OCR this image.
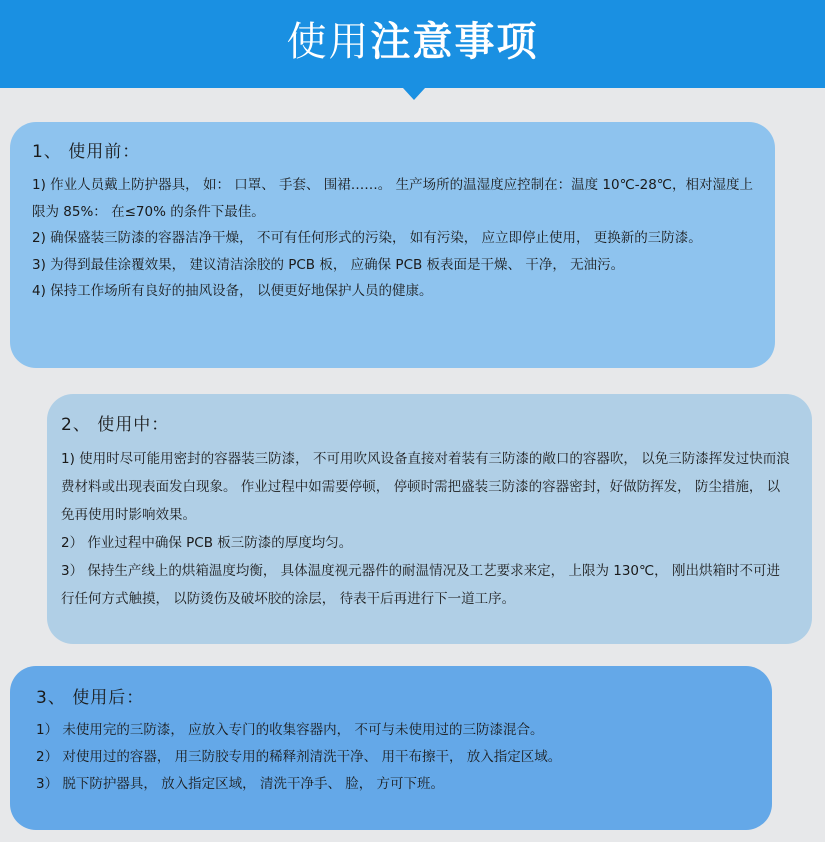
使用注意事项

1、 使用前：

1) 作业人员戴上防护器具， 如： 口罩、 手套、 围裙……。 生产场所的温湿度应控制在：温度 10℃-28℃，相对湿度上限为 85%： 在≤70% 的条件下最佳。

2) 确保盛装三防漆的容器洁净干燥， 不可有任何形式的污染， 如有污染， 应立即停止使用， 更换新的三防漆。

3) 为得到最佳涂覆效果， 建议清洁涂胶的 PCB 板， 应确保 PCB 板表面是干燥、 干净， 无油污。

4) 保持工作场所有良好的抽风设备， 以便更好地保护人员的健康。

2、 使用中：

1) 使用时尽可能用密封的容器装三防漆， 不可用吹风设备直接对着装有三防漆的敞口的容器吹， 以免三防漆挥发过快而浪费材料或出现表面发白现象。 作业过程中如需要停顿， 停顿时需把盛装三防漆的容器密封，好做防挥发， 防尘措施， 以免再使用时影响效果。

2） 作业过程中确保 PCB 板三防漆的厚度均匀。

3） 保持生产线上的烘箱温度均衡， 具体温度视元器件的耐温情况及工艺要求来定， 上限为 130℃， 刚出烘箱时不可进行任何方式触摸， 以防烫伤及破坏胶的涂层， 待表干后再进行下一道工序。

3、 使用后：

1） 未使用完的三防漆， 应放入专门的收集容器内， 不可与未使用过的三防漆混合。

2） 对使用过的容器， 用三防胶专用的稀释剂清洗干净、 用干布擦干， 放入指定区域。

3） 脱下防护器具， 放入指定区域， 清洗干净手、 脸， 方可下班。
